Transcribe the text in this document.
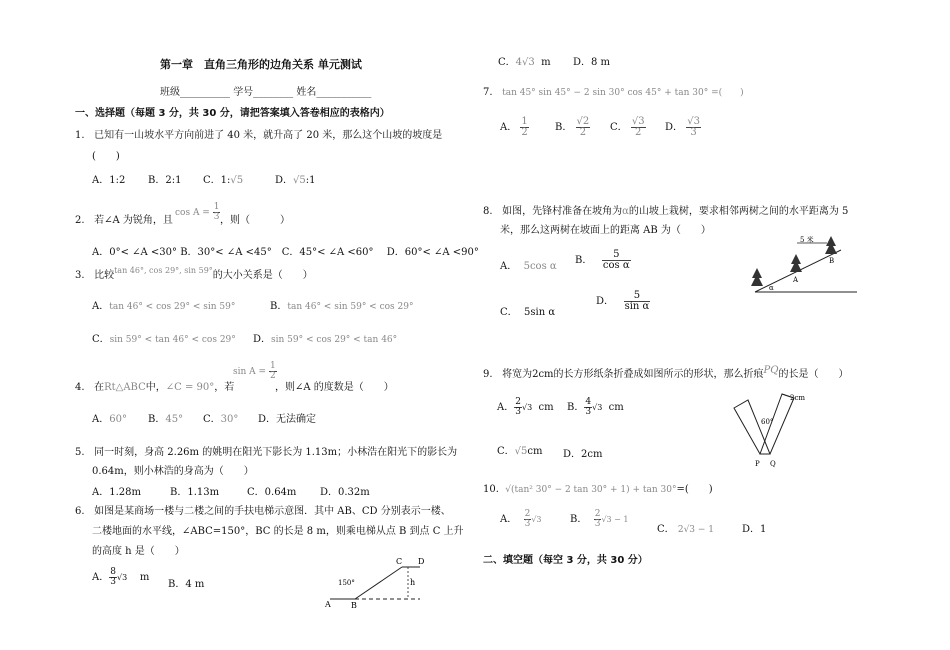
第一章　直角三角形的边角关系 单元测试
班级__________ 学号________ 姓名___________
一、选择题（每题 3 分，共 30 分，请把答案填入答卷相应的表格内）
1. 已知有一山坡水平方向前进了 40 米，就升高了 20 米，那么这个山坡的坡度是
(　　)
A．1:2 B．2:1 C．1:√5	D．√5:1
2. 若∠A 为锐角，且
$\cos A = \frac{1}{3}$ ，则（　　　）
A．0°< ∠A <30° B．30°< ∠A <45°　C．45°< ∠A <60°　 D．60°< ∠A <90°
3. 比较$^{tan 46^\circ, cos 29^\circ, sin 59^\circ}$的大小关系是（　　）
A．tan 46° < cos 29° < sin 59°	B．tan 46° < sin 59° < cos 29°
C．sin 59° < tan 46° < cos 29° D．sin 59° < cos 29° < tan 46°
4. 在Rt△ABC中，∠C = 90°，若
$\sin A = \frac{1}{2}$
，则∠A 的度数是（　　）
A．60° B．45° C．30° D．无法确定
5. 同一时刻，身高 2.26m 的姚明在阳光下影长为 1.13m；小林浩在阳光下的影长为
0.64m，则小林浩的身高为（　　）
A．1.28m	B．1.13m	C．0.64m D．0.32m
6. 如图是某商场一楼与二楼之间的手扶电梯示意图．其中 AB、CD 分别表示一楼、
二楼地面的水平线，∠ABC=150°，BC 的长是 8 m，则乘电梯从点 B 到点 C 上升
的高度 h 是（　　）
A． $\frac{8}{3} √3$ m
B．4 m
A	B
C D
h
150°
C．4√3 m D．8 m
7. tan 45° sin 45° − 2 sin 30° cos 45° + tan 30° =(　　)
A． $\frac{1}{2}$	B． $\frac{√2}{2}$ C． $\frac{√3}{2}$ D． $\frac{√3}{3}$
8. 如图，先锋村准备在坡角为α的山坡上栽树，要求相邻两树之间的水平距离为 5
米，那么这两树在坡面上的距离 AB 为（　　）
A． 5cos α
B． $\frac{5}{\text{cos α}}$
C． 5sin α
D． $\frac{5}{\text{sin α}}$
5 米
A
B
α
9. 将宽为2cm的长方形纸条折叠成如图所示的形状，那么折痕PQ的长是（　　）
A． $\frac{2}{3} √3$ cm B． $\frac{4}{3} √3$ cm
C．√5cm D．2cm
2cm
60°
P Q
10. √(tan² 30° − 2 tan 30° + 1) + tan 30°=(　　)
A． $\frac{2}{3} √3$	B． $\frac{2}{3} √3 - 1$
C． 2√3 − 1	D．1
二、填空题（每空 3 分，共 30 分）
